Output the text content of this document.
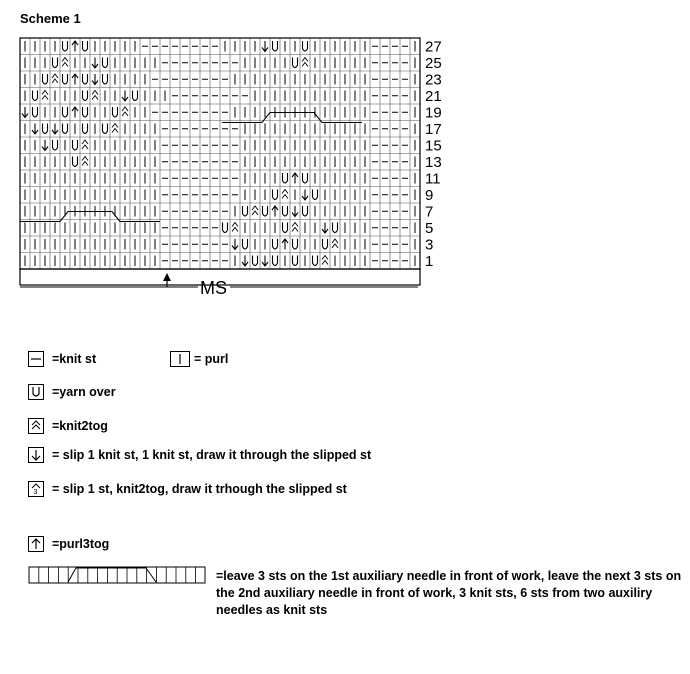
Scheme 1
27
25
23
21
19
17
15
13
11
9
7
5
3
1
MS
=knit st	= purl
=yarn over
=knit2tog
= slip 1 knit st, 1 knit st, draw it through the slipped st
3 = slip 1 st, knit2tog, draw it trhough the slipped st
=purl3tog
=leave 3 sts on the 1st auxiliary needle in front of work, leave the next 3 sts on the 2nd auxiliary needle in front of work, 3 knit sts, 6 sts from two auxiliry needles as knit sts
